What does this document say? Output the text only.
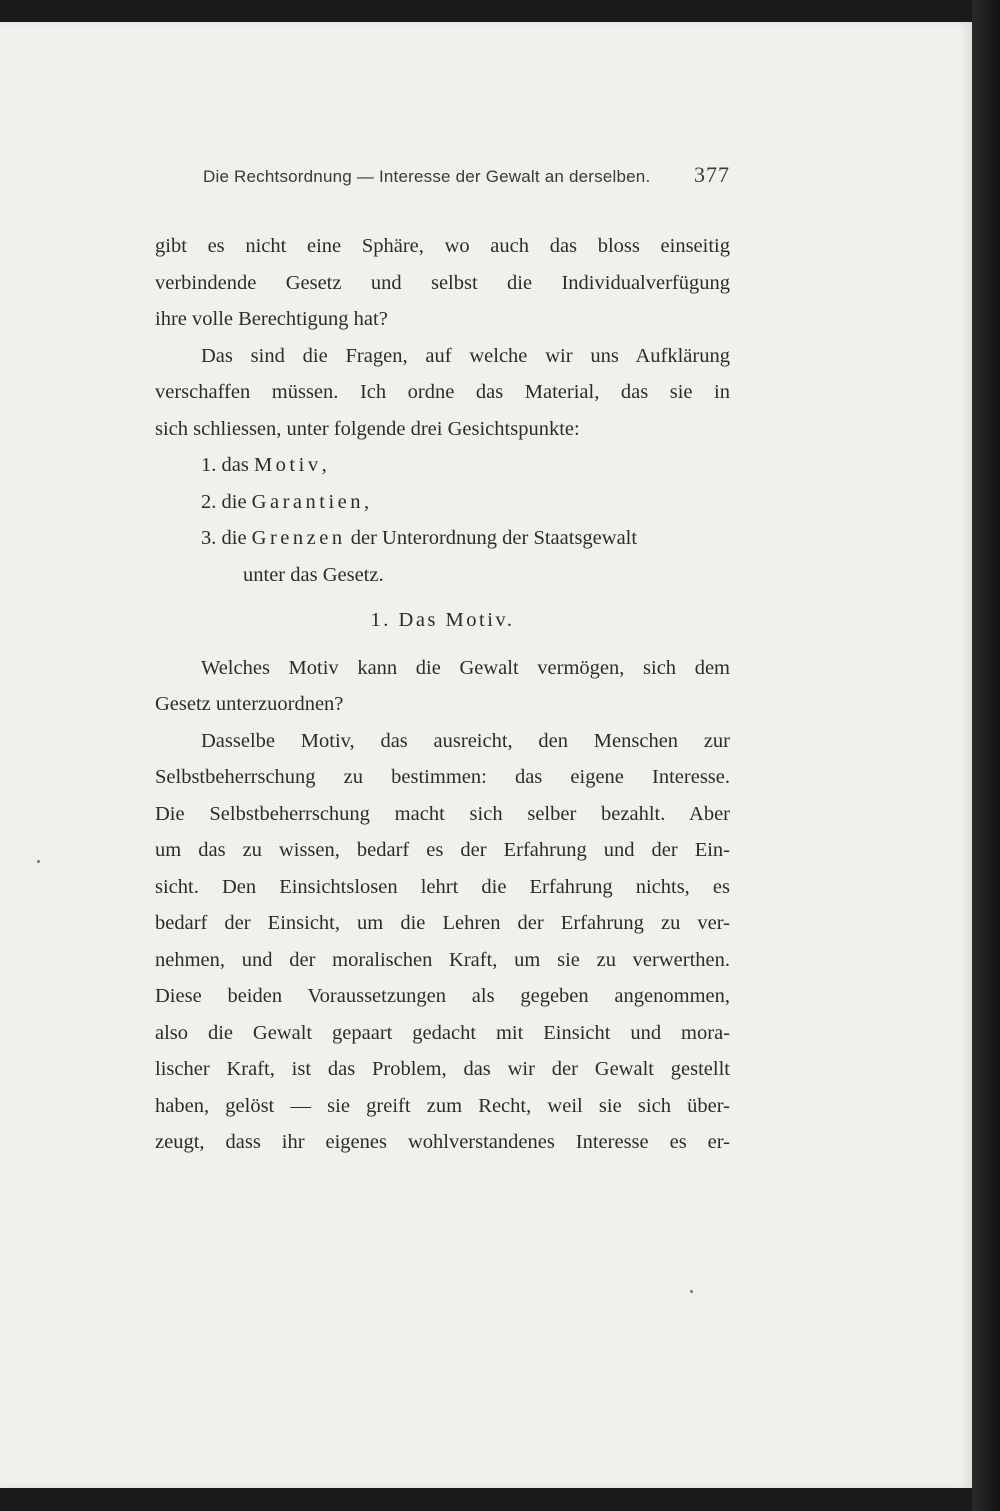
Die Rechtsordnung — Interesse der Gewalt an derselben. 377
gibt es nicht eine Sphäre, wo auch das bloss einseitig
verbindende Gesetz und selbst die Individualverfügung
ihre volle Berechtigung hat?
Das sind die Fragen, auf welche wir uns Aufklärung
verschaffen müssen. Ich ordne das Material, das sie in
sich schliessen, unter folgende drei Gesichtspunkte:
1. das Motiv,
2. die Garantien,
3. die Grenzen der Unterordnung der Staatsgewalt
unter das Gesetz.
1. Das Motiv.
Welches Motiv kann die Gewalt vermögen, sich dem
Gesetz unterzuordnen?
Dasselbe Motiv, das ausreicht, den Menschen zur
Selbstbeherrschung zu bestimmen: das eigene Interesse.
Die Selbstbeherrschung macht sich selber bezahlt. Aber
um das zu wissen, bedarf es der Erfahrung und der Ein-
sicht. Den Einsichtslosen lehrt die Erfahrung nichts, es
bedarf der Einsicht, um die Lehren der Erfahrung zu ver-
nehmen, und der moralischen Kraft, um sie zu verwerthen.
Diese beiden Voraussetzungen als gegeben angenommen,
also die Gewalt gepaart gedacht mit Einsicht und mora-
lischer Kraft, ist das Problem, das wir der Gewalt gestellt
haben, gelöst — sie greift zum Recht, weil sie sich über-
zeugt, dass ihr eigenes wohlverstandenes Interesse es er-
